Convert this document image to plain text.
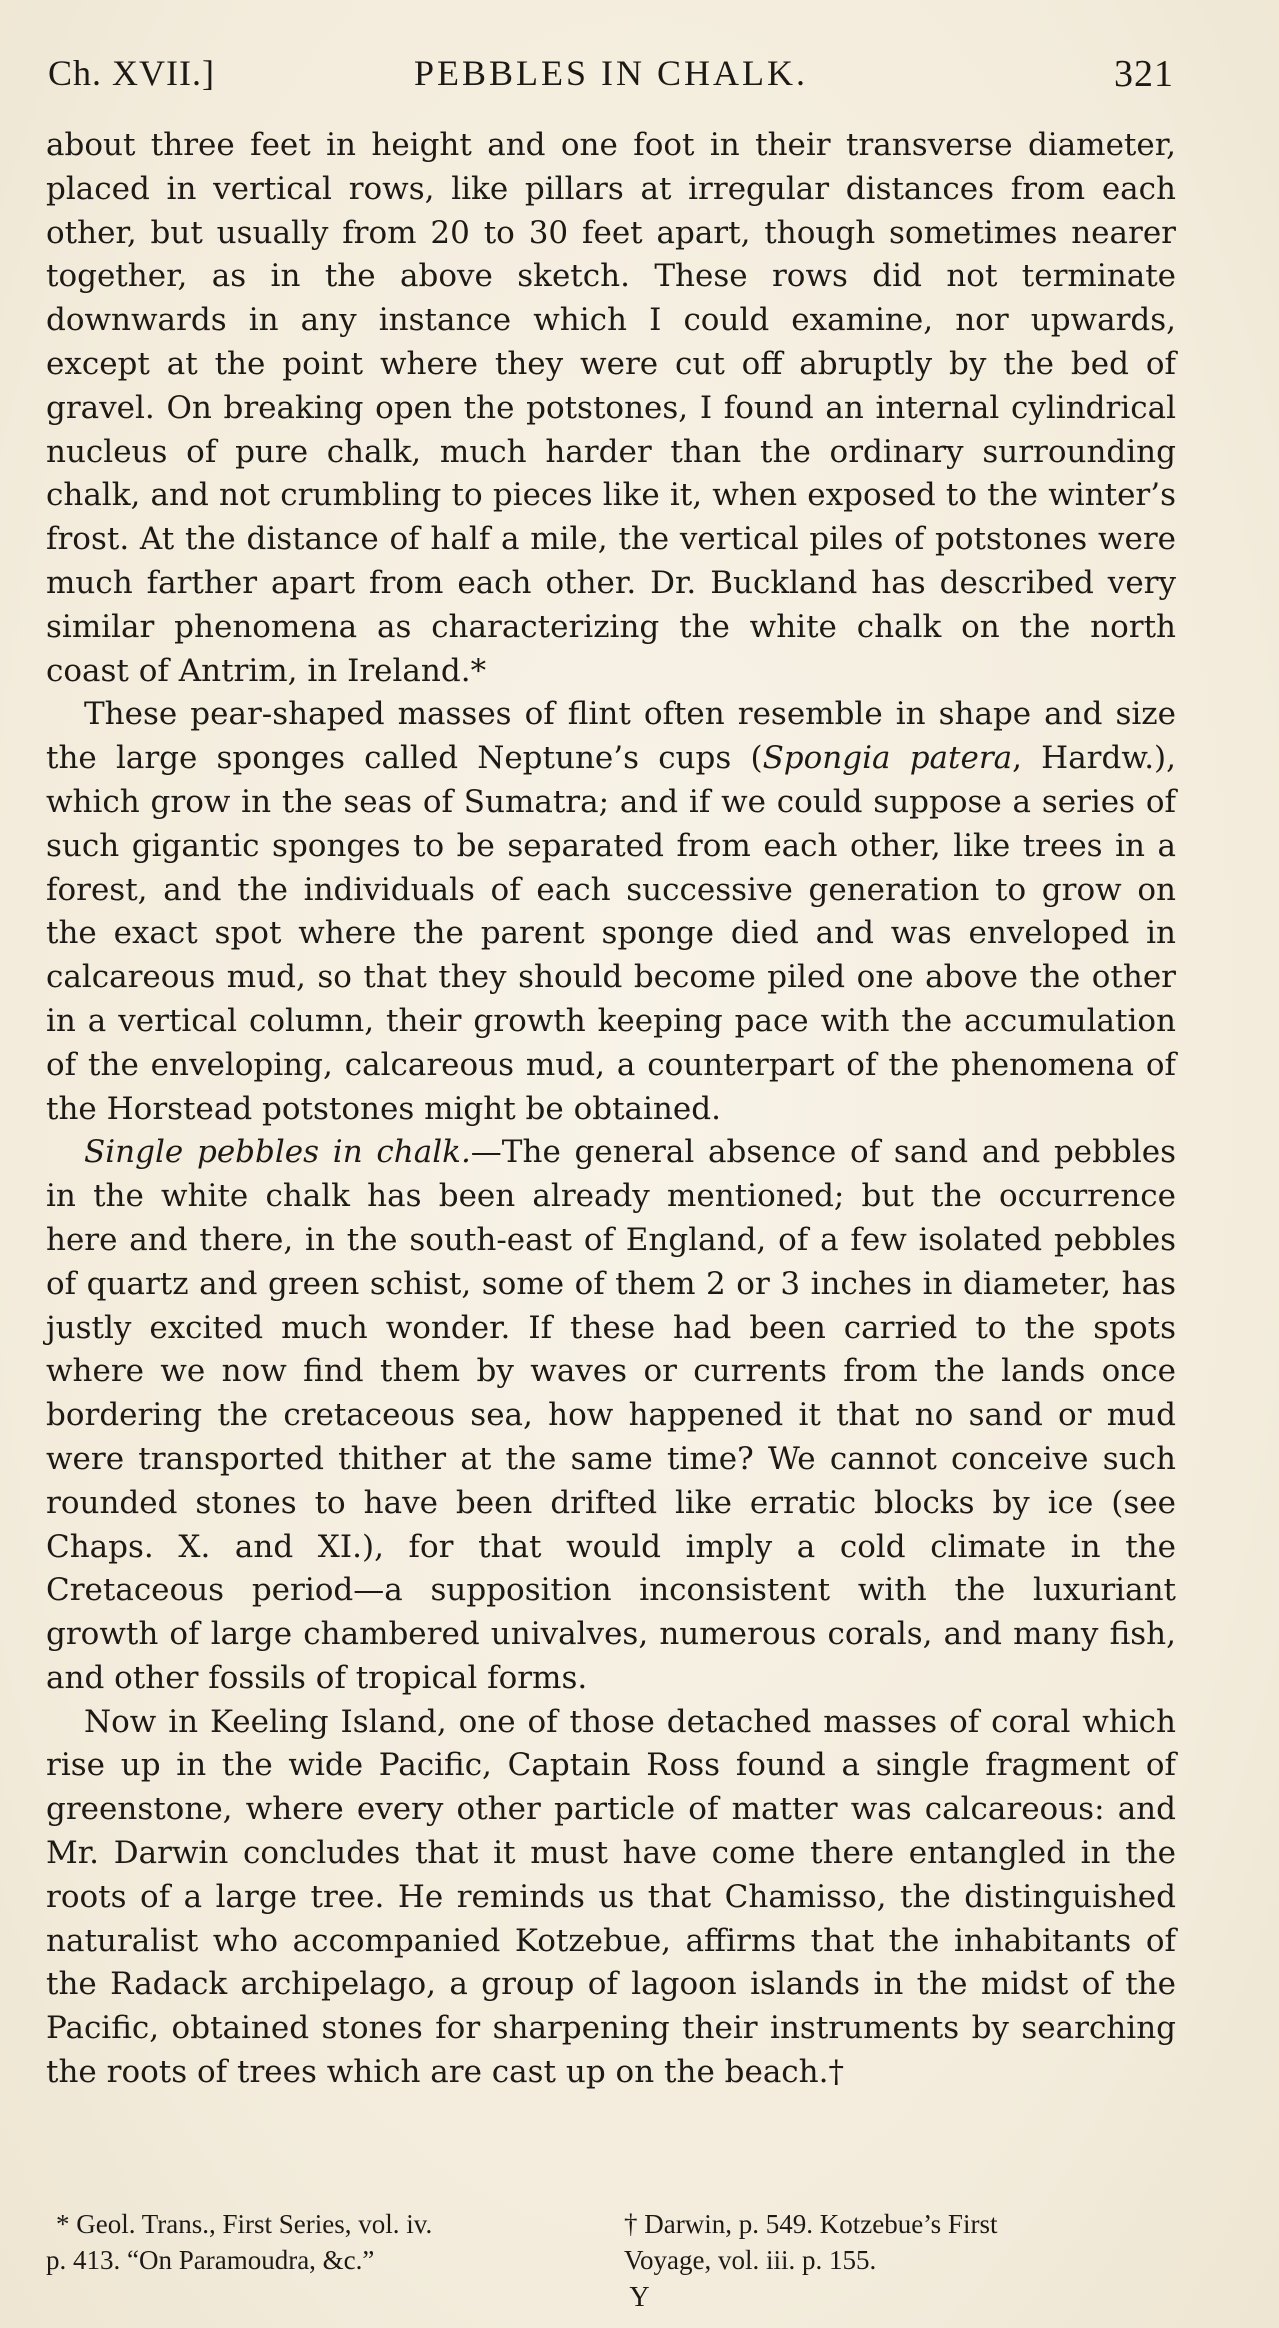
Ch. XVII.]	PEBBLES IN CHALK.	321

about three feet in height and one foot in their transverse diameter, placed in vertical rows, like pillars at irregular distances from each other, but usually from 20 to 30 feet apart, though sometimes nearer together, as in the above sketch. These rows did not terminate downwards in any instance which I could examine, nor upwards, except at the point where they were cut off abruptly by the bed of gravel. On breaking open the potstones, I found an internal cylindrical nucleus of pure chalk, much harder than the ordinary surrounding chalk, and not crumbling to pieces like it, when exposed to the winter’s frost. At the distance of half a mile, the vertical piles of potstones were much farther apart from each other. Dr. Buckland has described very similar phenomena as characterizing the white chalk on the north coast of Antrim, in Ireland.*

These pear-shaped masses of flint often resemble in shape and size the large sponges called Neptune’s cups (Spongia patera, Hardw.), which grow in the seas of Sumatra; and if we could suppose a series of such gigantic sponges to be separated from each other, like trees in a forest, and the individuals of each successive generation to grow on the exact spot where the parent sponge died and was enveloped in calcareous mud, so that they should become piled one above the other in a vertical column, their growth keeping pace with the accumulation of the enveloping, calcareous mud, a counterpart of the phenomena of the Horstead potstones might be obtained.

Single pebbles in chalk.—The general absence of sand and pebbles in the white chalk has been already mentioned; but the occurrence here and there, in the south-east of England, of a few isolated pebbles of quartz and green schist, some of them 2 or 3 inches in diameter, has justly excited much wonder. If these had been carried to the spots where we now find them by waves or currents from the lands once bordering the cretaceous sea, how happened it that no sand or mud were transported thither at the same time? We cannot conceive such rounded stones to have been drifted like erratic blocks by ice (see Chaps. X. and XI.), for that would imply a cold climate in the Cretaceous period—a supposition inconsistent with the luxuriant growth of large chambered univalves, numerous corals, and many fish, and other fossils of tropical forms.

Now in Keeling Island, one of those detached masses of coral which rise up in the wide Pacific, Captain Ross found a single fragment of greenstone, where every other particle of matter was calcareous: and Mr. Darwin concludes that it must have come there entangled in the roots of a large tree. He reminds us that Chamisso, the distinguished naturalist who accompanied Kotzebue, affirms that the inhabitants of the Radack archipelago, a group of lagoon islands in the midst of the Pacific, obtained stones for sharpening their instruments by searching the roots of trees which are cast up on the beach.†

* Geol. Trans., First Series, vol. iv.
p. 413. “On Paramoudra, &c.”
† Darwin, p. 549. Kotzebue’s First
Voyage, vol. iii. p. 155.
Y
